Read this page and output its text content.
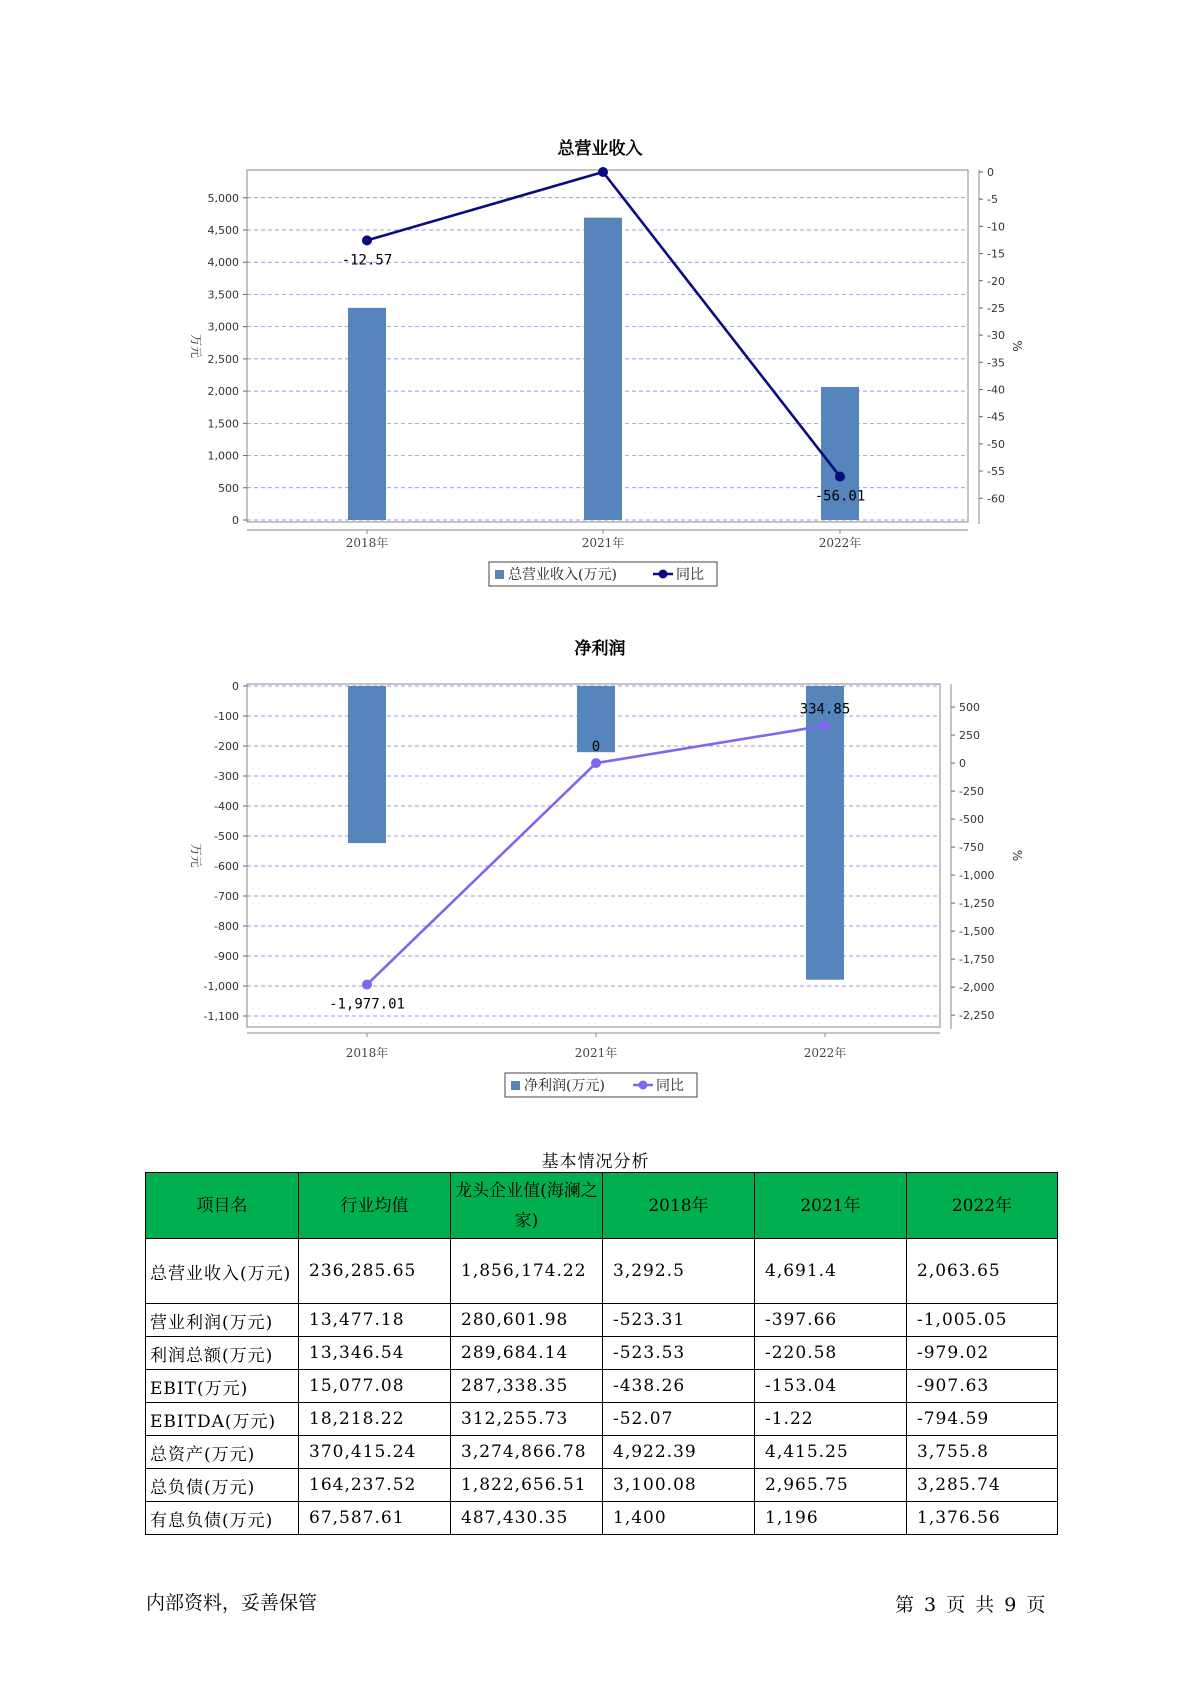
总营业收入
0
500
1,000
1,500
2,000
2,500
3,000
3,500
4,000
4,500
5,000
0
-5
-10
-15
-20
-25
-30
-35
-40
-45
-50
-55
-60
万元	%
2018年	2021年	2022年
-12.57
-56.01
总营业收入(万元)	同比
净利润
0
-100
-200
-300
-400
-500
-600
-700
-800
-900
-1,000
-1,100
500
250
0
-250
-500
-750
-1,000
-1,250
-1,500
-1,750
-2,000
-2,250
万元	%
2018年	2021年	2022年
-1,977.01
0
334.85
净利润(万元)	同比
基本情况分析
项目名	行业均值	龙头企业值(海澜之家)	2018年	2021年	2022年
总营业收入(万元)	236,285.65	1,856,174.22	3,292.5	4,691.4	2,063.65
营业利润(万元)	13,477.18	280,601.98	-523.31	-397.66	-1,005.05
利润总额(万元)	13,346.54	289,684.14	-523.53	-220.58	-979.02
EBIT(万元)	15,077.08	287,338.35	-438.26	-153.04	-907.63
EBITDA(万元)	18,218.22	312,255.73	-52.07	-1.22	-794.59
总资产(万元)	370,415.24	3,274,866.78	4,922.39	4,415.25	3,755.8
总负债(万元)	164,237.52	1,822,656.51	3,100.08	2,965.75	3,285.74
有息负债(万元)	67,587.61	487,430.35	1,400	1,196	1,376.56
内部资料，妥善保管	第 3 页 共 9 页
